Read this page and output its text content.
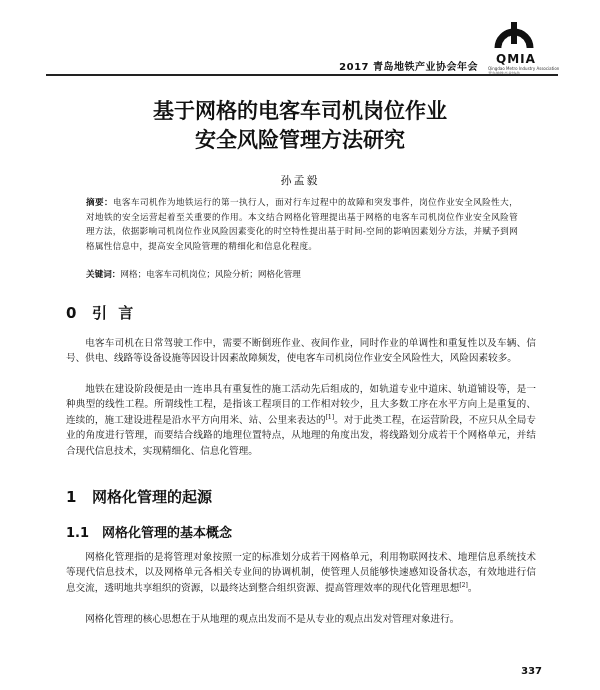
2017 青岛地铁产业协会年会
QMIA
Qingdao Metro Industry Association
基于网格的电客车司机岗位作业
安全风险管理方法研究
孙孟毅
摘要：电客车司机作为地铁运行的第一执行人，面对行车过程中的故障和突发事件，岗位作业安全风险性大，对地铁的安全运营起着至关重要的作用。本文结合网格化管理提出基于网格的电客车司机岗位作业安全风险管理方法，依据影响司机岗位作业风险因素变化的时空特性提出基于时间-空间的影响因素划分方法，并赋予到网格属性信息中，提高安全风险管理的精细化和信息化程度。
关键词：网格；电客车司机岗位；风险分析；网格化管理
0 引 言
电客车司机在日常驾驶工作中，需要不断倒班作业、夜间作业，同时作业的单调性和重复性以及车辆、信号、供电、线路等设备设施等因设计因素故障频发，使电客车司机岗位作业安全风险性大，风险因素较多。
地铁在建设阶段便是由一连串具有重复性的施工活动先后组成的，如轨道专业中道床、轨道铺设等，是一种典型的线性工程。所谓线性工程，是指该工程项目的工作相对较少，且大多数工序在水平方向上是重复的、连续的，施工建设进程是沿水平方向用米、站、公里来表达的[1]。对于此类工程，在运营阶段，不应只从全局专业的角度进行管理，而要结合线路的地理位置特点，从地理的角度出发，将线路划分成若干个网格单元，并结合现代信息技术，实现精细化、信息化管理。
1 网格化管理的起源
1.1 网格化管理的基本概念
网格化管理指的是将管理对象按照一定的标准划分成若干网格单元，利用物联网技术、地理信息系统技术等现代信息技术，以及网格单元各相关专业间的协调机制，使管理人员能够快速感知设备状态，有效地进行信息交流，透明地共享组织的资源，以最终达到整合组织资源、提高管理效率的现代化管理思想[2]。
网格化管理的核心思想在于从地理的观点出发而不是从专业的观点出发对管理对象进行。
337
